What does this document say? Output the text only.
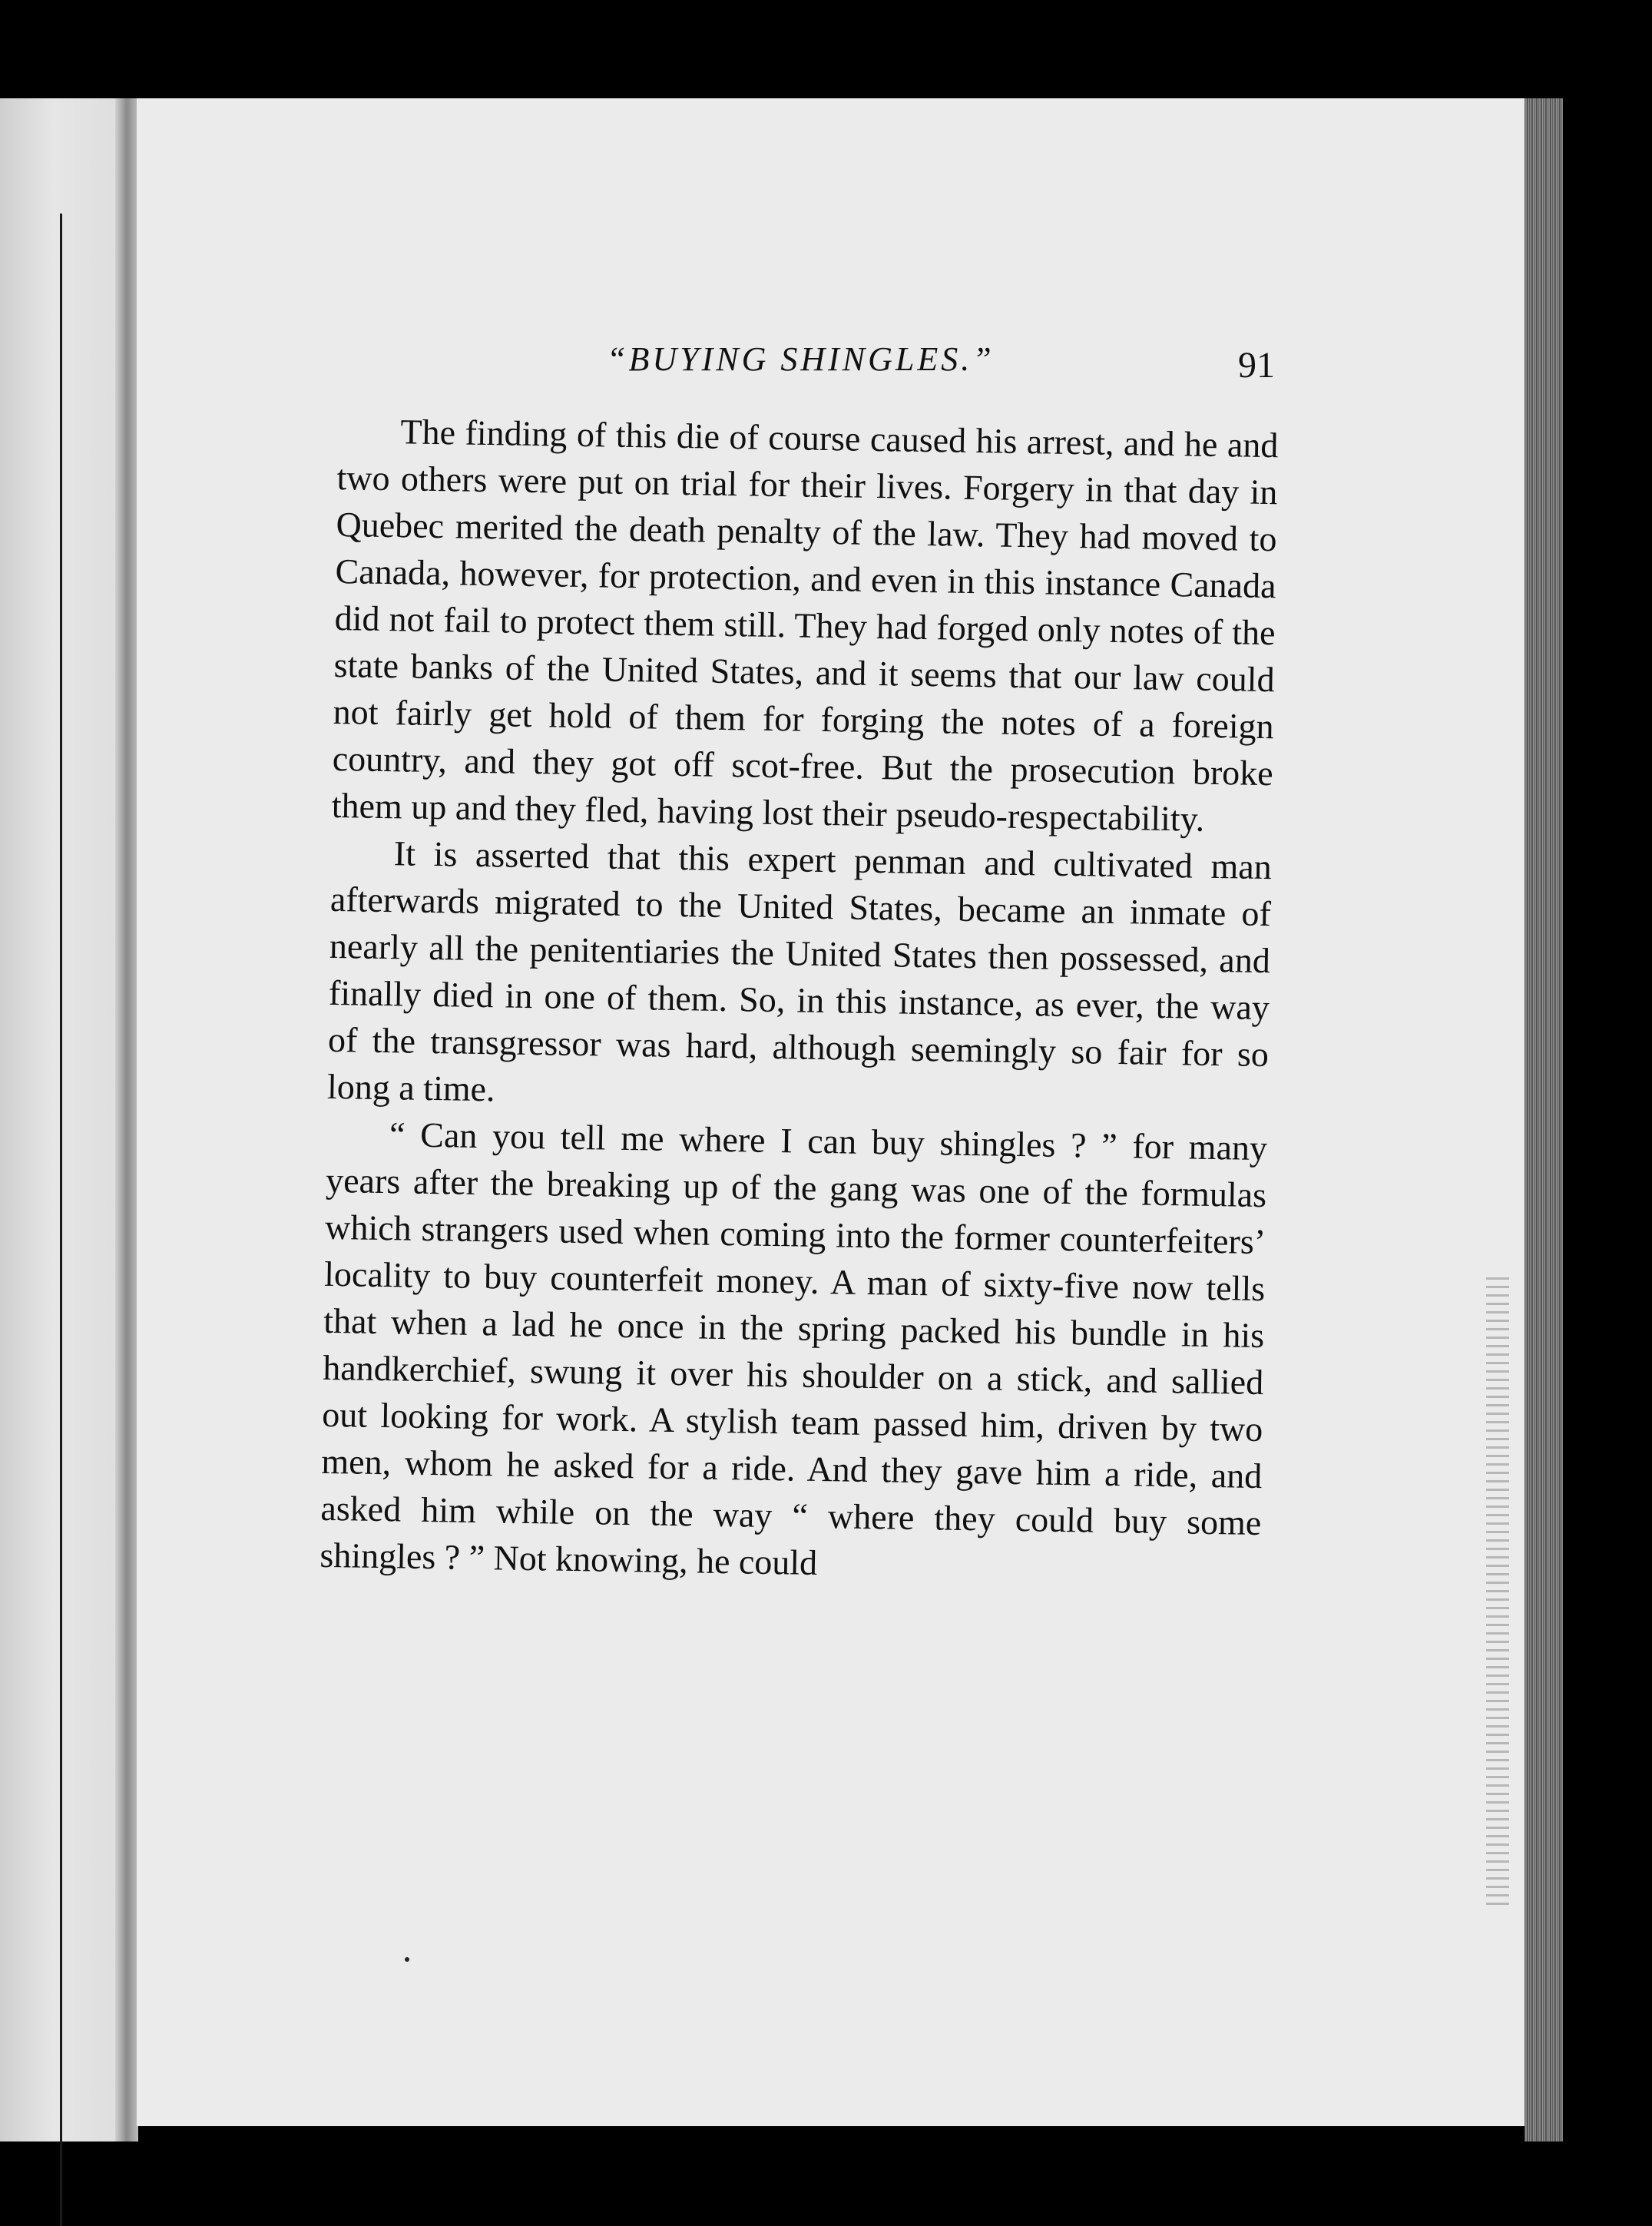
“BUYING SHINGLES.”	91

The finding of this die of course caused his arrest, and he and two others were put on trial for their lives. Forgery in that day in Quebec merited the death penalty of the law. They had moved to Canada, however, for protection, and even in this instance Canada did not fail to protect them still. They had forged only notes of the state banks of the United States, and it seems that our law could not fairly get hold of them for forging the notes of a foreign country, and they got off scot-free. But the prosecution broke them up and they fled, having lost their pseudo-respectability.

It is asserted that this expert penman and cultivated man afterwards migrated to the United States, became an inmate of nearly all the penitentiaries the United States then possessed, and finally died in one of them. So, in this instance, as ever, the way of the transgressor was hard, although seemingly so fair for so long a time.

“ Can you tell me where I can buy shingles ? ” for many years after the breaking up of the gang was one of the formulas which strangers used when coming into the former counterfeiters’ locality to buy counterfeit money. A man of sixty-five now tells that when a lad he once in the spring packed his bundle in his handkerchief, swung it over his shoulder on a stick, and sallied out looking for work. A stylish team passed him, driven by two men, whom he asked for a ride. And they gave him a ride, and asked him while on the way “ where they could buy some shingles ? ” Not knowing, he could
